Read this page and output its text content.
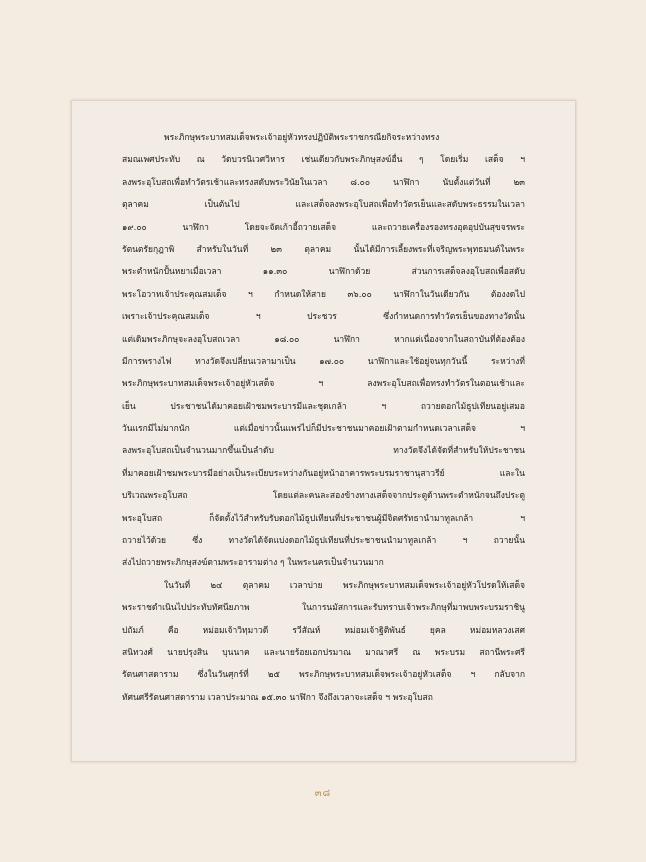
พระภิกษุพระบาทสมเด็จพระเจ้าอยู่หัวทรงปฏิบัติพระราชกรณียกิจระหว่างทรง
สมณเพศประทับ ณ วัดบวรนิเวศวิหาร เช่นเดียวกับพระภิกษุสงฆ์อื่น ๆ โดยเริ่ม เสด็จ ฯ
ลงพระอุโบสถเพื่อทำวัตรเช้าและทรงสดับพระวินัยในเวลา ๘.๐๐ นาฬิกา นับตั้งแต่วันที่ ๒๓
ตุลาคม เป็นต้นไป และเสด็จลงพระอุโบสถเพื่อทำวัตรเย็นและสดับพระธรรมในเวลา
๑๙.๐๐ นาฬิกา โดยจะจัดเก้าอี้ถวายเสด็จ และถวายเครื่องรองทรงอุดอุปบันสุขจรพระ
รัตนตรัยกุฎาพิ สำหรับในวันที่ ๒๓ ตุลาคม นั้นได้มีการเลี้ยงพระที่เจริญพระพุทธมนต์ในพระ
พระตำหนักปั้นหยาเมื่อเวลา ๑๑.๓๐ นาฬิกาด้วย ส่วนการเสด็จลงอุโบสถเพื่อสดับ
พระโอวาทเจ้าประคุณสมเด็จ ฯ กำหนดให้สาย ๓๖.๐๐ นาฬิกาในวันเดียวกัน ต้องงดไป
เพราะเจ้าประคุณสมเด็จ ฯ ประชวร ซึ่งกำหนดการทำวัตรเย็นของทางวัดนั้น
แต่เดิมพระภิกษุจะลงอุโบสถเวลา ๑๘.๐๐ นาฬิกา หากแต่เนื่องจากในสถาบันที่ต้องต้อง
มีการพรางไฟ ทางวัดจึงเปลี่ยนเวลามาเป็น ๑๗.๐๐ นาฬิกาและใช้อยู่จนทุกวันนี้ ระหว่างที่
พระภิกษุพระบาทสมเด็จพระเจ้าอยู่หัวเสด็จ ฯ ลงพระอุโบสถเพื่อทรงทำวัตรในตอนเช้าและ
เย็น ประชาชนได้มาคอยเฝ้าชมพระบารมีและชุดเกล้า ฯ ถวายดอกไม้ธูปเทียนอยู่เสมอ
วันแรกมีไม่มากนัก แต่เมื่อข่าวนั้นแพร่ไปก็มีประชาชนมาคอยเฝ้าตามกำหนดเวลาเสด็จ ฯ
ลงพระอุโบสถเป็นจำนวนมากขึ้นเป็นลำดับ ทางวัดจึงได้จัดที่สำหรับให้ประชาชน
ที่มาคอยเฝ้าชมพระบารมีอย่างเป็นระเบียบระหว่างกันอยู่หน้าอาคารพระบรมราชานุสาวรีย์ และใน
บริเวณพระอุโบสถ โดยแต่ละคนละสองข้างทางเสด็จจากประตูด้านพระตำหนักจนถึงประตู
พระอุโบสถ ก็จัดตั้งไว้สำหรับรับดอกไม้ธูปเทียนที่ประชาชนผู้มีจิตศรัทธานำมาทูลเกล้า ฯ
ถวายไว้ด้วย ซึ่ง ทางวัดได้จัดแบ่งดอกไม้ธูปเทียนที่ประชาชนนำมาทูลเกล้า ฯ ถวายนั้น
ส่งไปถวายพระภิกษุสงฆ์ตามพระอารามต่าง ๆ ในพระนครเป็นจำนวนมาก
ในวันที่ ๒๔ ตุลาคม เวลาบ่าย พระภิกษุพระบาทสมเด็จพระเจ้าอยู่หัวโปรดให้เสด็จ
พระราชดำเนินไปประทับทัศนียภาพ ในการนมัสการและรับทราบเจ้าพระภิกษุที่มาพบพระบรมราชินู
ปถัมภ์ คือ หม่อมเจ้าวิทฺมาวดี รวีสัณห์ หม่อมเจ้าฐิติพันธ์ ยุคล หม่อมหลวงเสศ
สนิทวงศ์ นายปรุงสิน บุนนาค และนายร้อยเอกปรมาณ มาณาศรี ณ พระบรม สถานีพระศรี
รัตนศาสดาราม ซึ่งในวันศุกร์ที่ ๒๕ พระภิกษุพระบาทสมเด็จพระเจ้าอยู่หัวเสด็จ ฯ กลับจาก
ทัศนศรีรัตนศาสดาราม เวลาประมาณ ๑๕.๓๐ นาฬิกา จึงถึงเวลาจะเสด็จ ฯ พระอุโบสถ
๓๘
